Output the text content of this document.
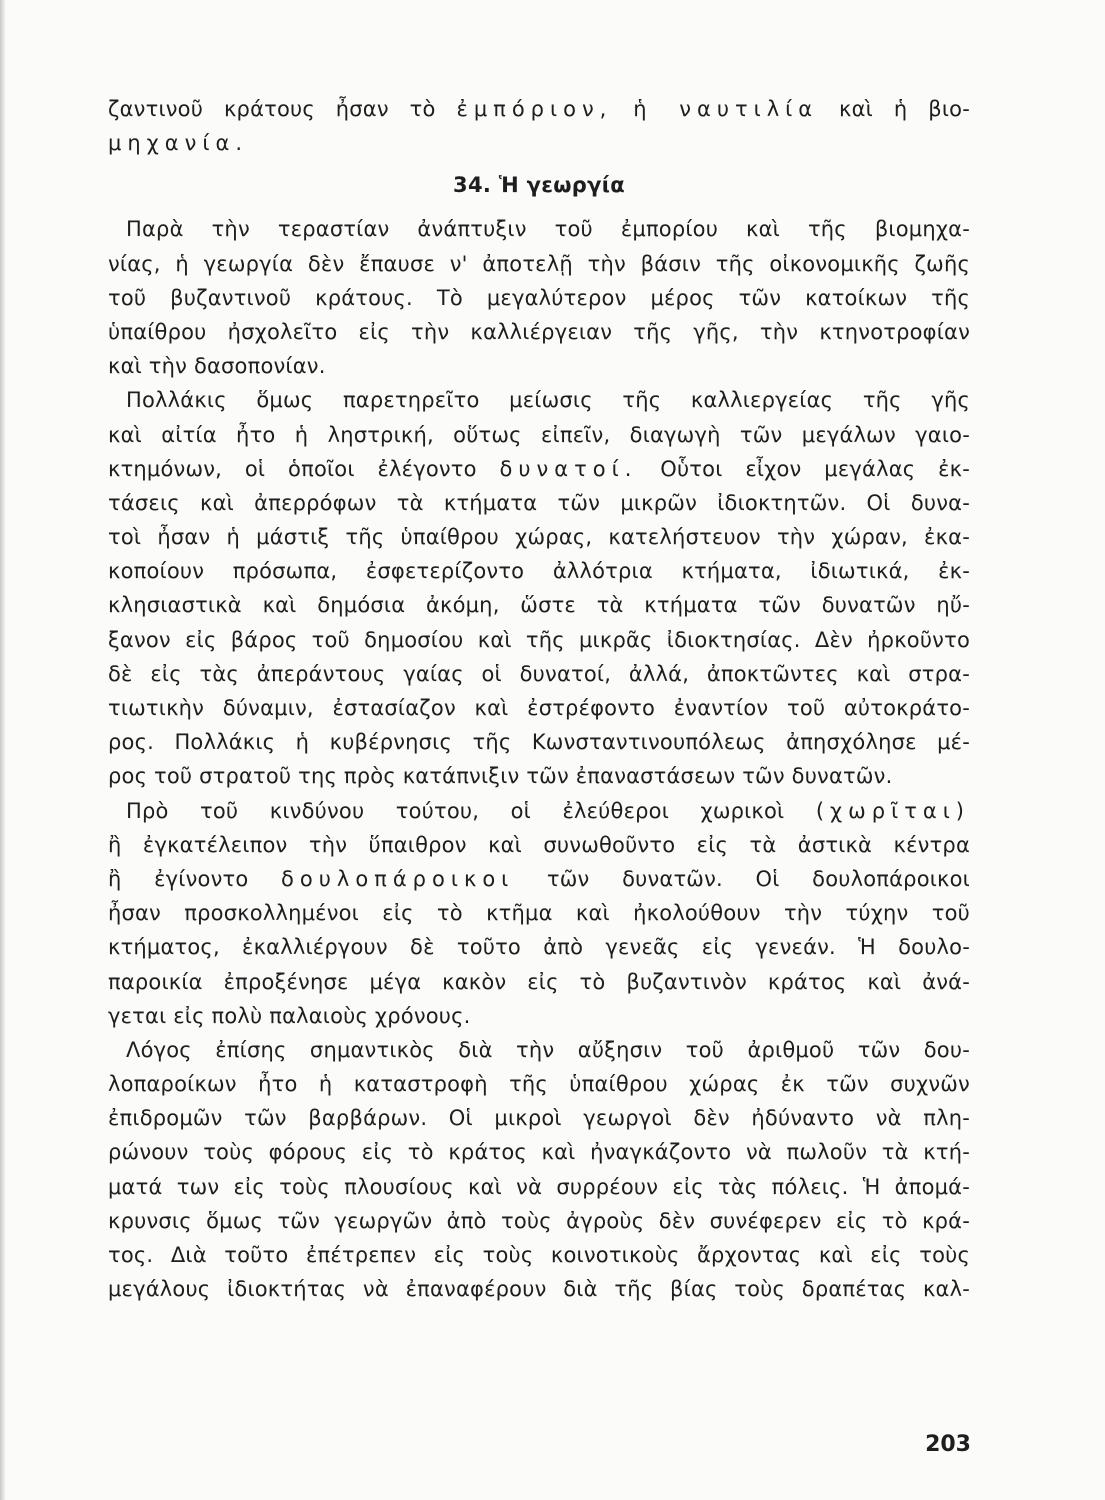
ζαντινοῦ κράτους ἦσαν τὸ ἐμπόριον, ἡ ναυτιλία καὶ ἡ βιο-
μηχανία.
34. Ἡ γεωργία
Παρὰ τὴν τεραστίαν ἀνάπτυξιν τοῦ ἐμπορίου καὶ τῆς βιομηχα-
νίας, ἡ γεωργία δὲν ἔπαυσε ν' ἀποτελῇ τὴν βάσιν τῆς οἰκονομικῆς ζωῆς
τοῦ βυζαντινοῦ κράτους. Τὸ μεγαλύτερον μέρος τῶν κατοίκων τῆς
ὑπαίθρου ἠσχολεῖτο εἰς τὴν καλλιέργειαν τῆς γῆς, τὴν κτηνοτροφίαν
καὶ τὴν δασοπονίαν.
Πολλάκις ὅμως παρετηρεῖτο μείωσις τῆς καλλιεργείας τῆς γῆς
καὶ αἰτία ἦτο ἡ ληστρική, οὕτως εἰπεῖν, διαγωγὴ τῶν μεγάλων γαιο-
κτημόνων, οἱ ὁποῖοι ἐλέγοντο δυνατοί. Οὗτοι εἶχον μεγάλας ἐκ-
τάσεις καὶ ἀπερρόφων τὰ κτήματα τῶν μικρῶν ἰδιοκτητῶν. Οἱ δυνα-
τοὶ ἦσαν ἡ μάστιξ τῆς ὑπαίθρου χώρας, κατελήστευον τὴν χώραν, ἐκα-
κοποίουν πρόσωπα, ἐσφετερίζοντο ἀλλότρια κτήματα, ἰδιωτικά, ἐκ-
κλησιαστικὰ καὶ δημόσια ἀκόμη, ὥστε τὰ κτήματα τῶν δυνατῶν ηὔ-
ξανον εἰς βάρος τοῦ δημοσίου καὶ τῆς μικρᾶς ἰδιοκτησίας. Δὲν ἠρκοῦντο
δὲ εἰς τὰς ἀπεράντους γαίας οἱ δυνατοί, ἀλλά, ἀποκτῶντες καὶ στρα-
τιωτικὴν δύναμιν, ἐστασίαζον καὶ ἐστρέφοντο ἐναντίον τοῦ αὐτοκράτο-
ρος. Πολλάκις ἡ κυβέρνησις τῆς Κωνσταντινουπόλεως ἀπησχόλησε μέ-
ρος τοῦ στρατοῦ της πρὸς κατάπνιξιν τῶν ἐπαναστάσεων τῶν δυνατῶν.
Πρὸ τοῦ κινδύνου τούτου, οἱ ἐλεύθεροι χωρικοὶ (χωρῖται)
ἢ ἐγκατέλειπον τὴν ὕπαιθρον καὶ συνωθοῦντο εἰς τὰ ἀστικὰ κέντρα
ἢ ἐγίνοντο δουλοπάροικοι τῶν δυνατῶν. Οἱ δουλοπάροικοι
ἦσαν προσκολλημένοι εἰς τὸ κτῆμα καὶ ἠκολούθουν τὴν τύχην τοῦ
κτήματος, ἐκαλλιέργουν δὲ τοῦτο ἀπὸ γενεᾶς εἰς γενεάν. Ἡ δουλο-
παροικία ἐπροξένησε μέγα κακὸν εἰς τὸ βυζαντινὸν κράτος καὶ ἀνά-
γεται εἰς πολὺ παλαιοὺς χρόνους.
Λόγος ἐπίσης σημαντικὸς διὰ τὴν αὔξησιν τοῦ ἀριθμοῦ τῶν δου-
λοπαροίκων ἦτο ἡ καταστροφὴ τῆς ὑπαίθρου χώρας ἐκ τῶν συχνῶν
ἐπιδρομῶν τῶν βαρβάρων. Οἱ μικροὶ γεωργοὶ δὲν ἠδύναντο νὰ πλη-
ρώνουν τοὺς φόρους εἰς τὸ κράτος καὶ ἠναγκάζοντο νὰ πωλοῦν τὰ κτή-
ματά των εἰς τοὺς πλουσίους καὶ νὰ συρρέουν εἰς τὰς πόλεις. Ἡ ἀπομά-
κρυνσις ὅμως τῶν γεωργῶν ἀπὸ τοὺς ἀγροὺς δὲν συνέφερεν εἰς τὸ κρά-
τος. Διὰ τοῦτο ἐπέτρεπεν εἰς τοὺς κοινοτικοὺς ἄρχοντας καὶ εἰς τοὺς
μεγάλους ἰδιοκτήτας νὰ ἐπαναφέρουν διὰ τῆς βίας τοὺς δραπέτας καλ-
203
